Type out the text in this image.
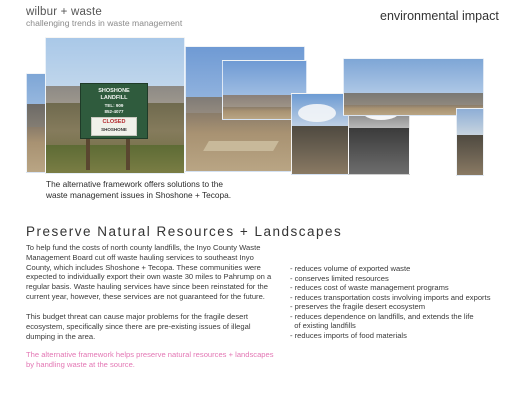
wilbur + waste
challenging trends in waste management	environmental impact
SHOSHONE
LANDFILL
TEL: 909
852-4077
CLOSED
SHOSHONE
The alternative framework offers solutions to the waste management issues in Shoshone + Tecopa.
Preserve Natural Resources + Landscapes
To help fund the costs of north county landfills, the Inyo County Waste Management Board cut off waste hauling services to southeast Inyo County, which includes Shoshone + Tecopa. These communities were expected to individually export their own waste 30 miles to Pahrump on a regular basis. Waste hauling services have since been reinstated for the current year, however, these services are not guaranteed for the future.
This budget threat can cause major problems for the fragile desert ecosystem, specifically since there are pre-existing issues of illegal dumping in the area.
The alternative framework helps preserve natural resources + landscapes by handling waste at the source.
- reduces volume of exported waste
- conserves limited resources
- reduces cost of waste management programs
- reduces transportation costs involving imports and exports
- preserves the fragile desert ecosystem
- reduces dependence on landfills, and extends the life
of existing landfills
- reduces imports of food materials
